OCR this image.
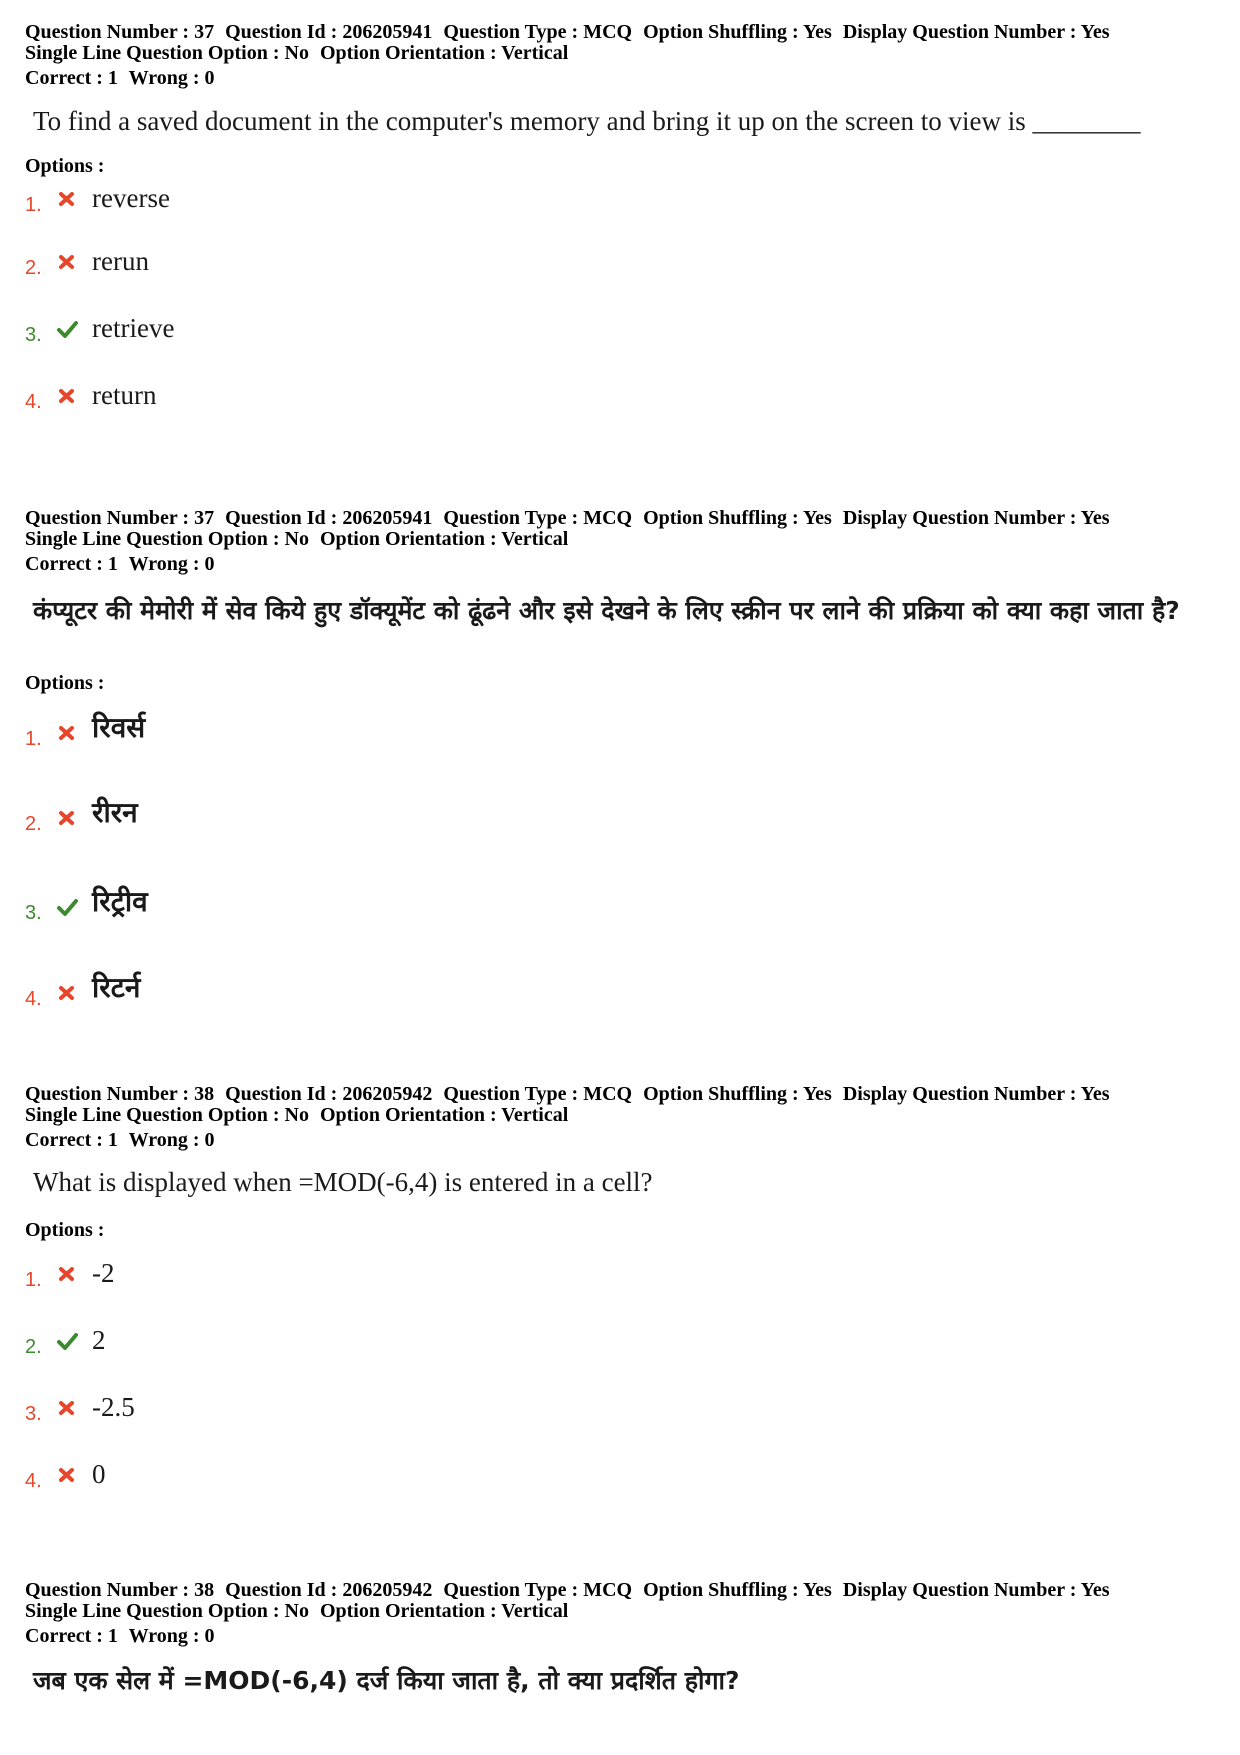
Question Number : 37 Question Id : 206205941 Question Type : MCQ Option Shuffling : Yes Display Question Number : Yes
Single Line Question Option : No Option Orientation : Vertical
Correct : 1 Wrong : 0
To find a saved document in the computer's memory and bring it up on the screen to view is ________
Options :
1. reverse
2. rerun
3. retrieve
4. return
Question Number : 37 Question Id : 206205941 Question Type : MCQ Option Shuffling : Yes Display Question Number : Yes
Single Line Question Option : No Option Orientation : Vertical
Correct : 1 Wrong : 0
कंप्यूटर की मेमोरी में सेव किये हुए डॉक्यूमेंट को ढूंढने और इसे देखने के लिए स्क्रीन पर लाने की प्रक्रिया को क्या कहा जाता है?
Options :
1. रिवर्स
2. रीरन
3. रिट्रीव
4. रिटर्न
Question Number : 38 Question Id : 206205942 Question Type : MCQ Option Shuffling : Yes Display Question Number : Yes
Single Line Question Option : No Option Orientation : Vertical
Correct : 1 Wrong : 0
What is displayed when =MOD(-6,4) is entered in a cell?
Options :
1. -2
2. 2
3. -2.5
4. 0
Question Number : 38 Question Id : 206205942 Question Type : MCQ Option Shuffling : Yes Display Question Number : Yes
Single Line Question Option : No Option Orientation : Vertical
Correct : 1 Wrong : 0
जब एक सेल में =MOD(-6,4) दर्ज किया जाता है, तो क्या प्रदर्शित होगा?
